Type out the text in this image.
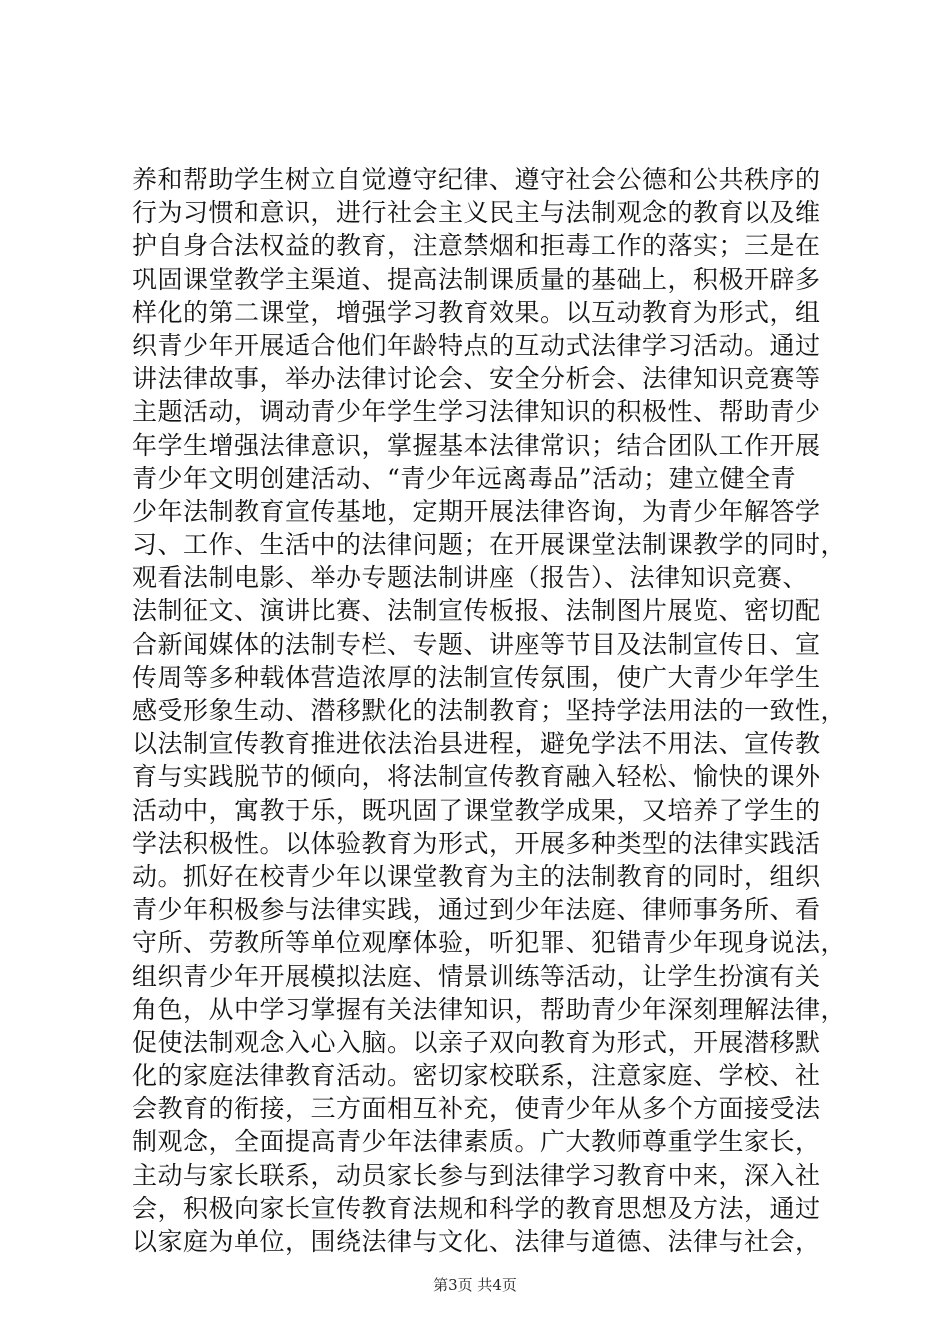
养和帮助学生树立自觉遵守纪律、遵守社会公德和公共秩序的
行为习惯和意识，进行社会主义民主与法制观念的教育以及维
护自身合法权益的教育，注意禁烟和拒毒工作的落实；三是在
巩固课堂教学主渠道、提高法制课质量的基础上，积极开辟多
样化的第二课堂，增强学习教育效果。以互动教育为形式，组
织青少年开展适合他们年龄特点的互动式法律学习活动。通过
讲法律故事，举办法律讨论会、安全分析会、法律知识竞赛等
主题活动，调动青少年学生学习法律知识的积极性、帮助青少
年学生增强法律意识，掌握基本法律常识；结合团队工作开展
青少年文明创建活动、“青少年远离毒品”活动；建立健全青
少年法制教育宣传基地，定期开展法律咨询，为青少年解答学
习、工作、生活中的法律问题；在开展课堂法制课教学的同时，
观看法制电影、举办专题法制讲座（报告）、法律知识竞赛、
法制征文、演讲比赛、法制宣传板报、法制图片展览、密切配
合新闻媒体的法制专栏、专题、讲座等节目及法制宣传日、宣
传周等多种载体营造浓厚的法制宣传氛围，使广大青少年学生
感受形象生动、潜移默化的法制教育；坚持学法用法的一致性，
以法制宣传教育推进依法治县进程，避免学法不用法、宣传教
育与实践脱节的倾向，将法制宣传教育融入轻松、愉快的课外
活动中，寓教于乐，既巩固了课堂教学成果，又培养了学生的
学法积极性。以体验教育为形式，开展多种类型的法律实践活
动。抓好在校青少年以课堂教育为主的法制教育的同时，组织
青少年积极参与法律实践，通过到少年法庭、律师事务所、看
守所、劳教所等单位观摩体验，听犯罪、犯错青少年现身说法，
组织青少年开展模拟法庭、情景训练等活动，让学生扮演有关
角色，从中学习掌握有关法律知识，帮助青少年深刻理解法律，
促使法制观念入心入脑。以亲子双向教育为形式，开展潜移默
化的家庭法律教育活动。密切家校联系，注意家庭、学校、社
会教育的衔接，三方面相互补充，使青少年从多个方面接受法
制观念，全面提高青少年法律素质。广大教师尊重学生家长，
主动与家长联系，动员家长参与到法律学习教育中来，深入社
会，积极向家长宣传教育法规和科学的教育思想及方法，通过
以家庭为单位，围绕法律与文化、法律与道德、法律与社会，
第3页 共4页
